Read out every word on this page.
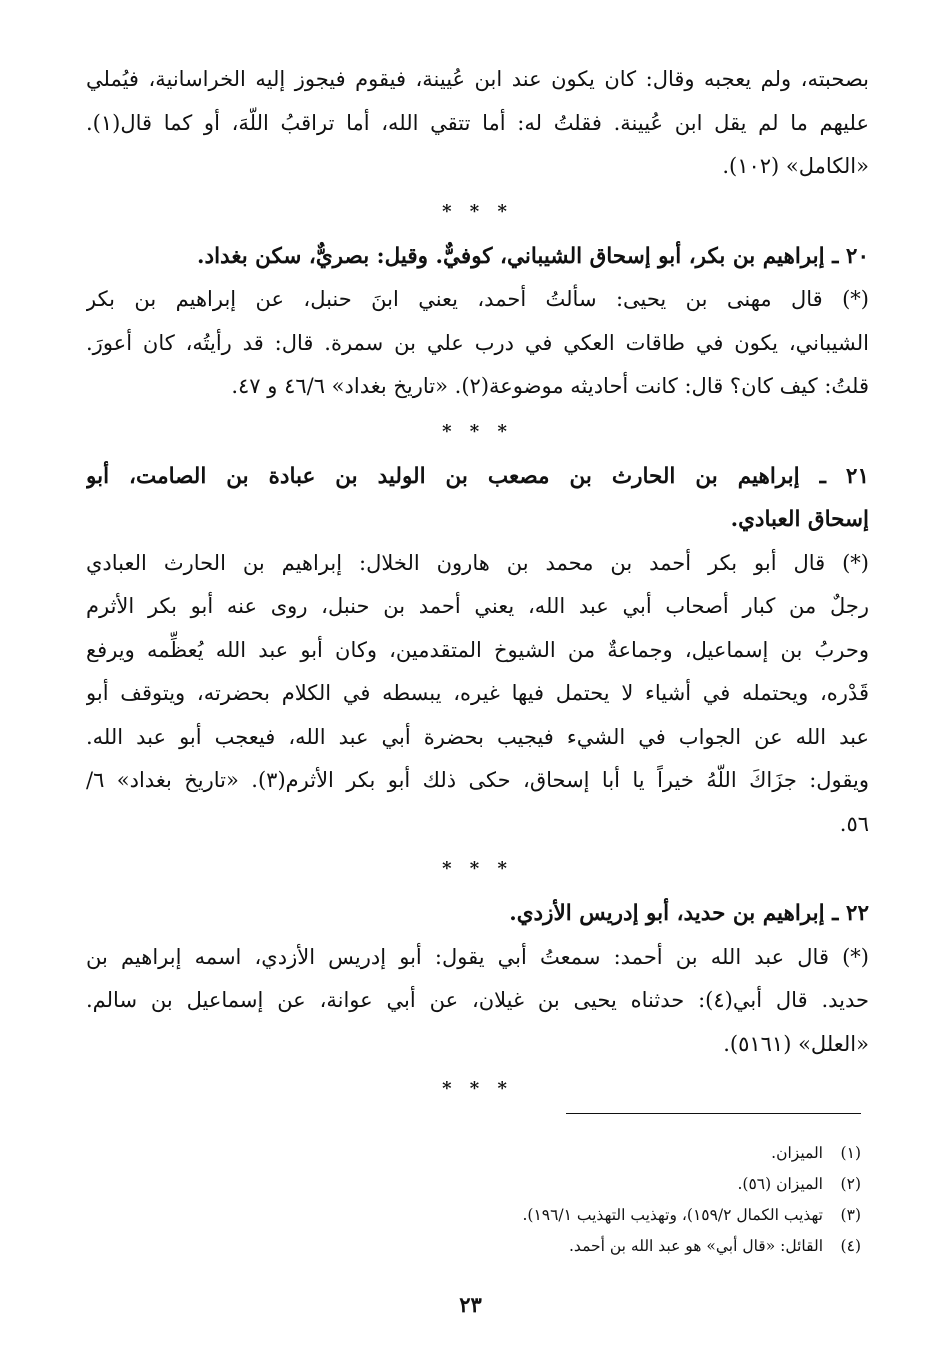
بصحبته، ولم يعجبه وقال: كان يكون عند ابن عُيينة، فيقوم فيجوز إليه الخراسانية، فيُملي
عليهم ما لم يقل ابن عُيينة. فقلتُ له: أما تتقي الله، أما تراقبُ اللّهَ، أو كما قال(١).
«الكامل» (١٠٢).

* * *

٢٠ ـ إبراهيم بن بكر، أبو إسحاق الشيباني، كوفيٌّ. وقيل: بصريٌّ، سكن بغداد.

(*) قال مهنى بن يحيى: سألتُ أحمد، يعني ابنَ حنبل، عن إبراهيم بن بكر
الشيباني، يكون في طاقات العكي في درب علي بن سمرة. قال: قد رأيتُه، كان أعورَ.
قلتُ: كيف كان؟ قال: كانت أحاديثه موضوعة(٢). «تاريخ بغداد» ٤٦/٦ و ٤٧.

* * *

٢١ ـ إبراهيم بن الحارث بن مصعب بن الوليد بن عبادة بن الصامت، أبو
إسحاق العبادي.

(*) قال أبو بكر أحمد بن محمد بن هارون الخلال: إبراهيم بن الحارث العبادي
رجلٌ من كبار أصحاب أبي عبد الله، يعني أحمد بن حنبل، روى عنه أبو بكر الأثرم
وحربُ بن إسماعيل، وجماعةٌ من الشيوخ المتقدمين، وكان أبو عبد الله يُعظِّمه ويرفع
قَدْره، ويحتمله في أشياء لا يحتمل فيها غيره، يبسطه في الكلام بحضرته، ويتوقف أبو
عبد الله عن الجواب في الشيء فيجيب بحضرة أبي عبد الله، فيعجب أبو عبد الله.
ويقول: جزَاكَ اللّهُ خيراً يا أبا إسحاق، حكى ذلك أبو بكر الأثرم(٣). «تاريخ بغداد» ٦/
٥٦.

* * *

٢٢ ـ إبراهيم بن حديد، أبو إدريس الأزدي.

(*) قال عبد الله بن أحمد: سمعتُ أبي يقول: أبو إدريس الأزدي، اسمه إبراهيم بن
حديد. قال أبي(٤): حدثناه يحيى بن غيلان، عن أبي عوانة، عن إسماعيل بن سالم.
«العلل» (٥١٦١).

* * *
(١)الميزان.
(٢)الميزان (٥٦).
(٣)تهذيب الكمال ١٥٩/٢)، وتهذيب التهذيب ١٩٦/١).
(٤)القائل: «قال أبي» هو عبد الله بن أحمد.
٢٣
